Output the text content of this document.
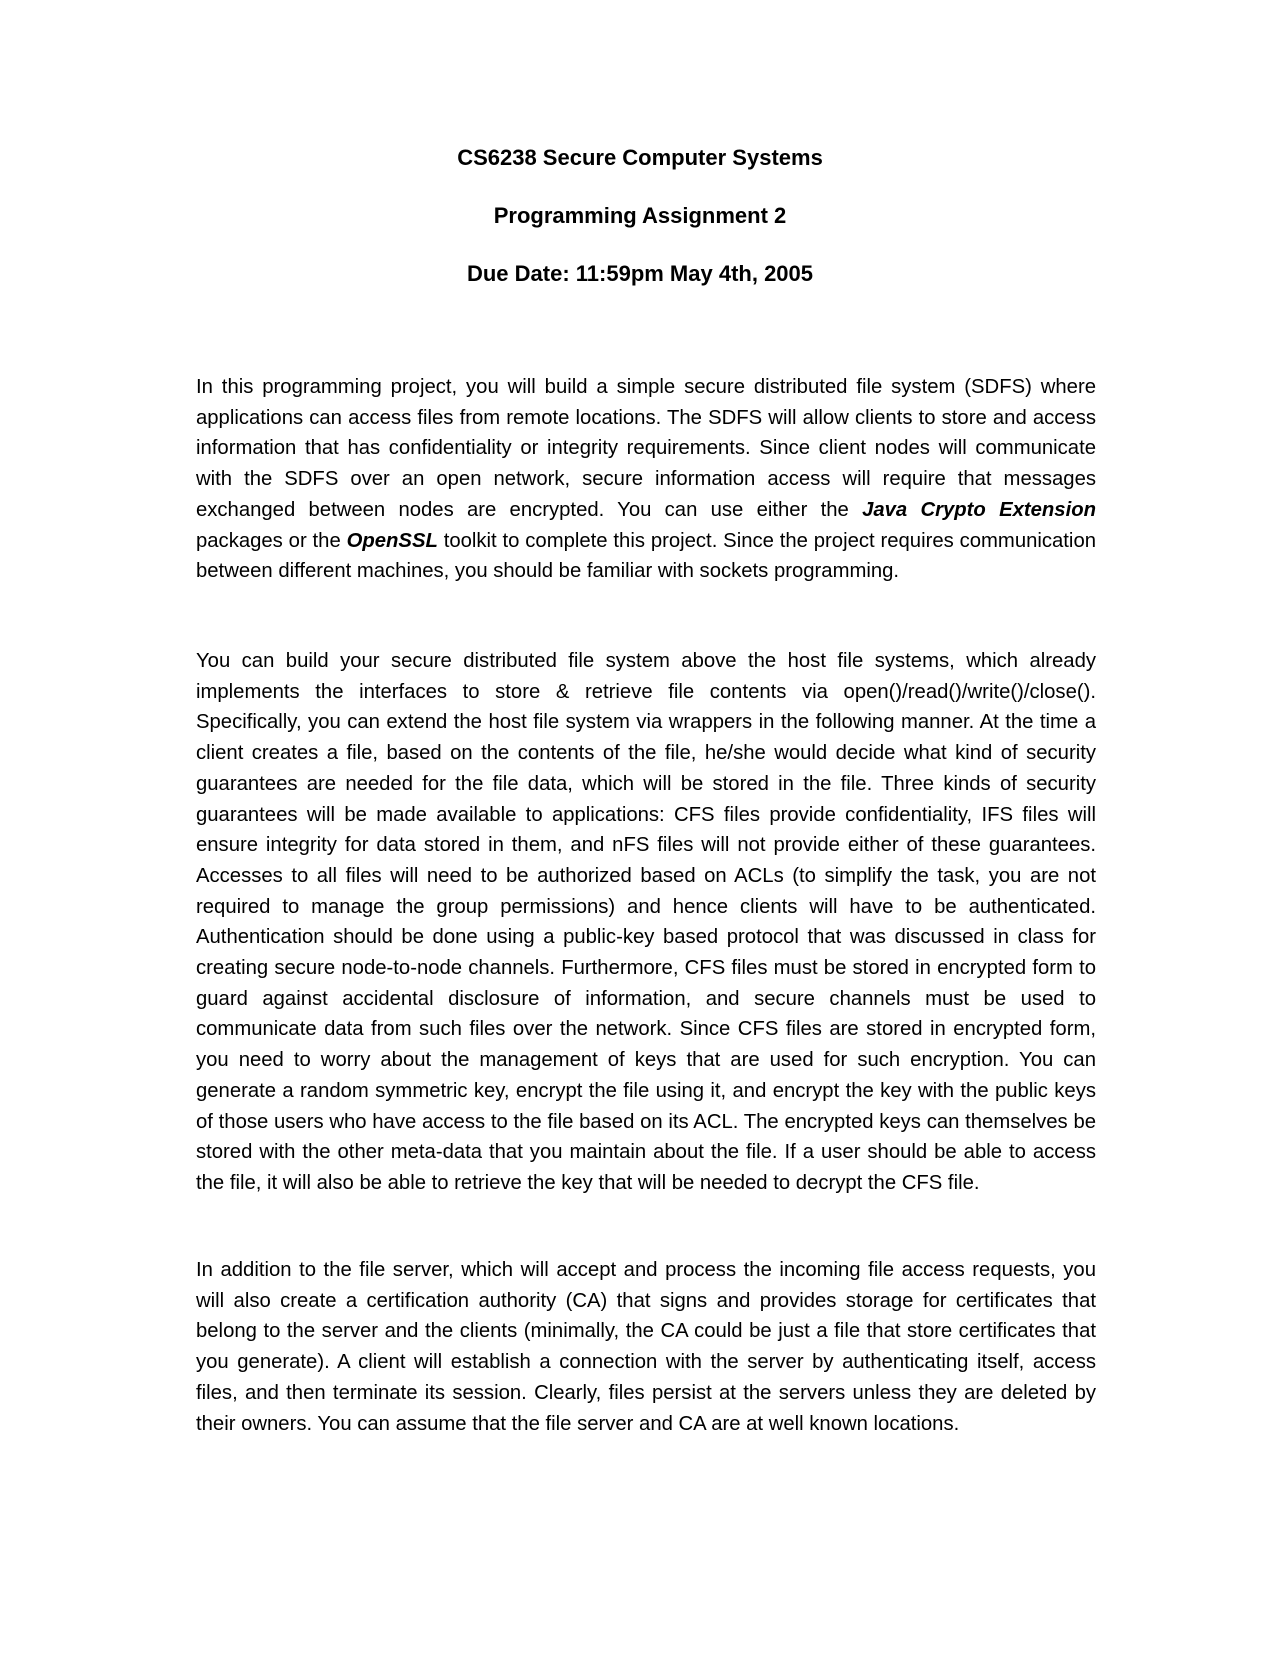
CS6238 Secure Computer Systems
Programming Assignment 2
Due Date: 11:59pm May 4th, 2005

In this programming project, you will build a simple secure distributed file system (SDFS) where applications can access files from remote locations. The SDFS will allow clients to store and access information that has confidentiality or integrity requirements. Since client nodes will communicate with the SDFS over an open network, secure information access will require that messages exchanged between nodes are encrypted. You can use either the Java Crypto Extension packages or the OpenSSL toolkit to complete this project. Since the project requires communication between different machines, you should be familiar with sockets programming.

You can build your secure distributed file system above the host file systems, which already implements the interfaces to store & retrieve file contents via open()/read()/write()/close(). Specifically, you can extend the host file system via wrappers in the following manner. At the time a client creates a file, based on the contents of the file, he/she would decide what kind of security guarantees are needed for the file data, which will be stored in the file. Three kinds of security guarantees will be made available to applications: CFS files provide confidentiality, IFS files will ensure integrity for data stored in them, and nFS files will not provide either of these guarantees. Accesses to all files will need to be authorized based on ACLs (to simplify the task, you are not required to manage the group permissions) and hence clients will have to be authenticated. Authentication should be done using a public-key based protocol that was discussed in class for creating secure node-to-node channels. Furthermore, CFS files must be stored in encrypted form to guard against accidental disclosure of information, and secure channels must be used to communicate data from such files over the network. Since CFS files are stored in encrypted form, you need to worry about the management of keys that are used for such encryption. You can generate a random symmetric key, encrypt the file using it, and encrypt the key with the public keys of those users who have access to the file based on its ACL. The encrypted keys can themselves be stored with the other meta-data that you maintain about the file. If a user should be able to access the file, it will also be able to retrieve the key that will be needed to decrypt the CFS file.

In addition to the file server, which will accept and process the incoming file access requests, you will also create a certification authority (CA) that signs and provides storage for certificates that belong to the server and the clients (minimally, the CA could be just a file that store certificates that you generate). A client will establish a connection with the server by authenticating itself, access files, and then terminate its session. Clearly, files persist at the servers unless they are deleted by their owners. You can assume that the file server and CA are at well known locations.
